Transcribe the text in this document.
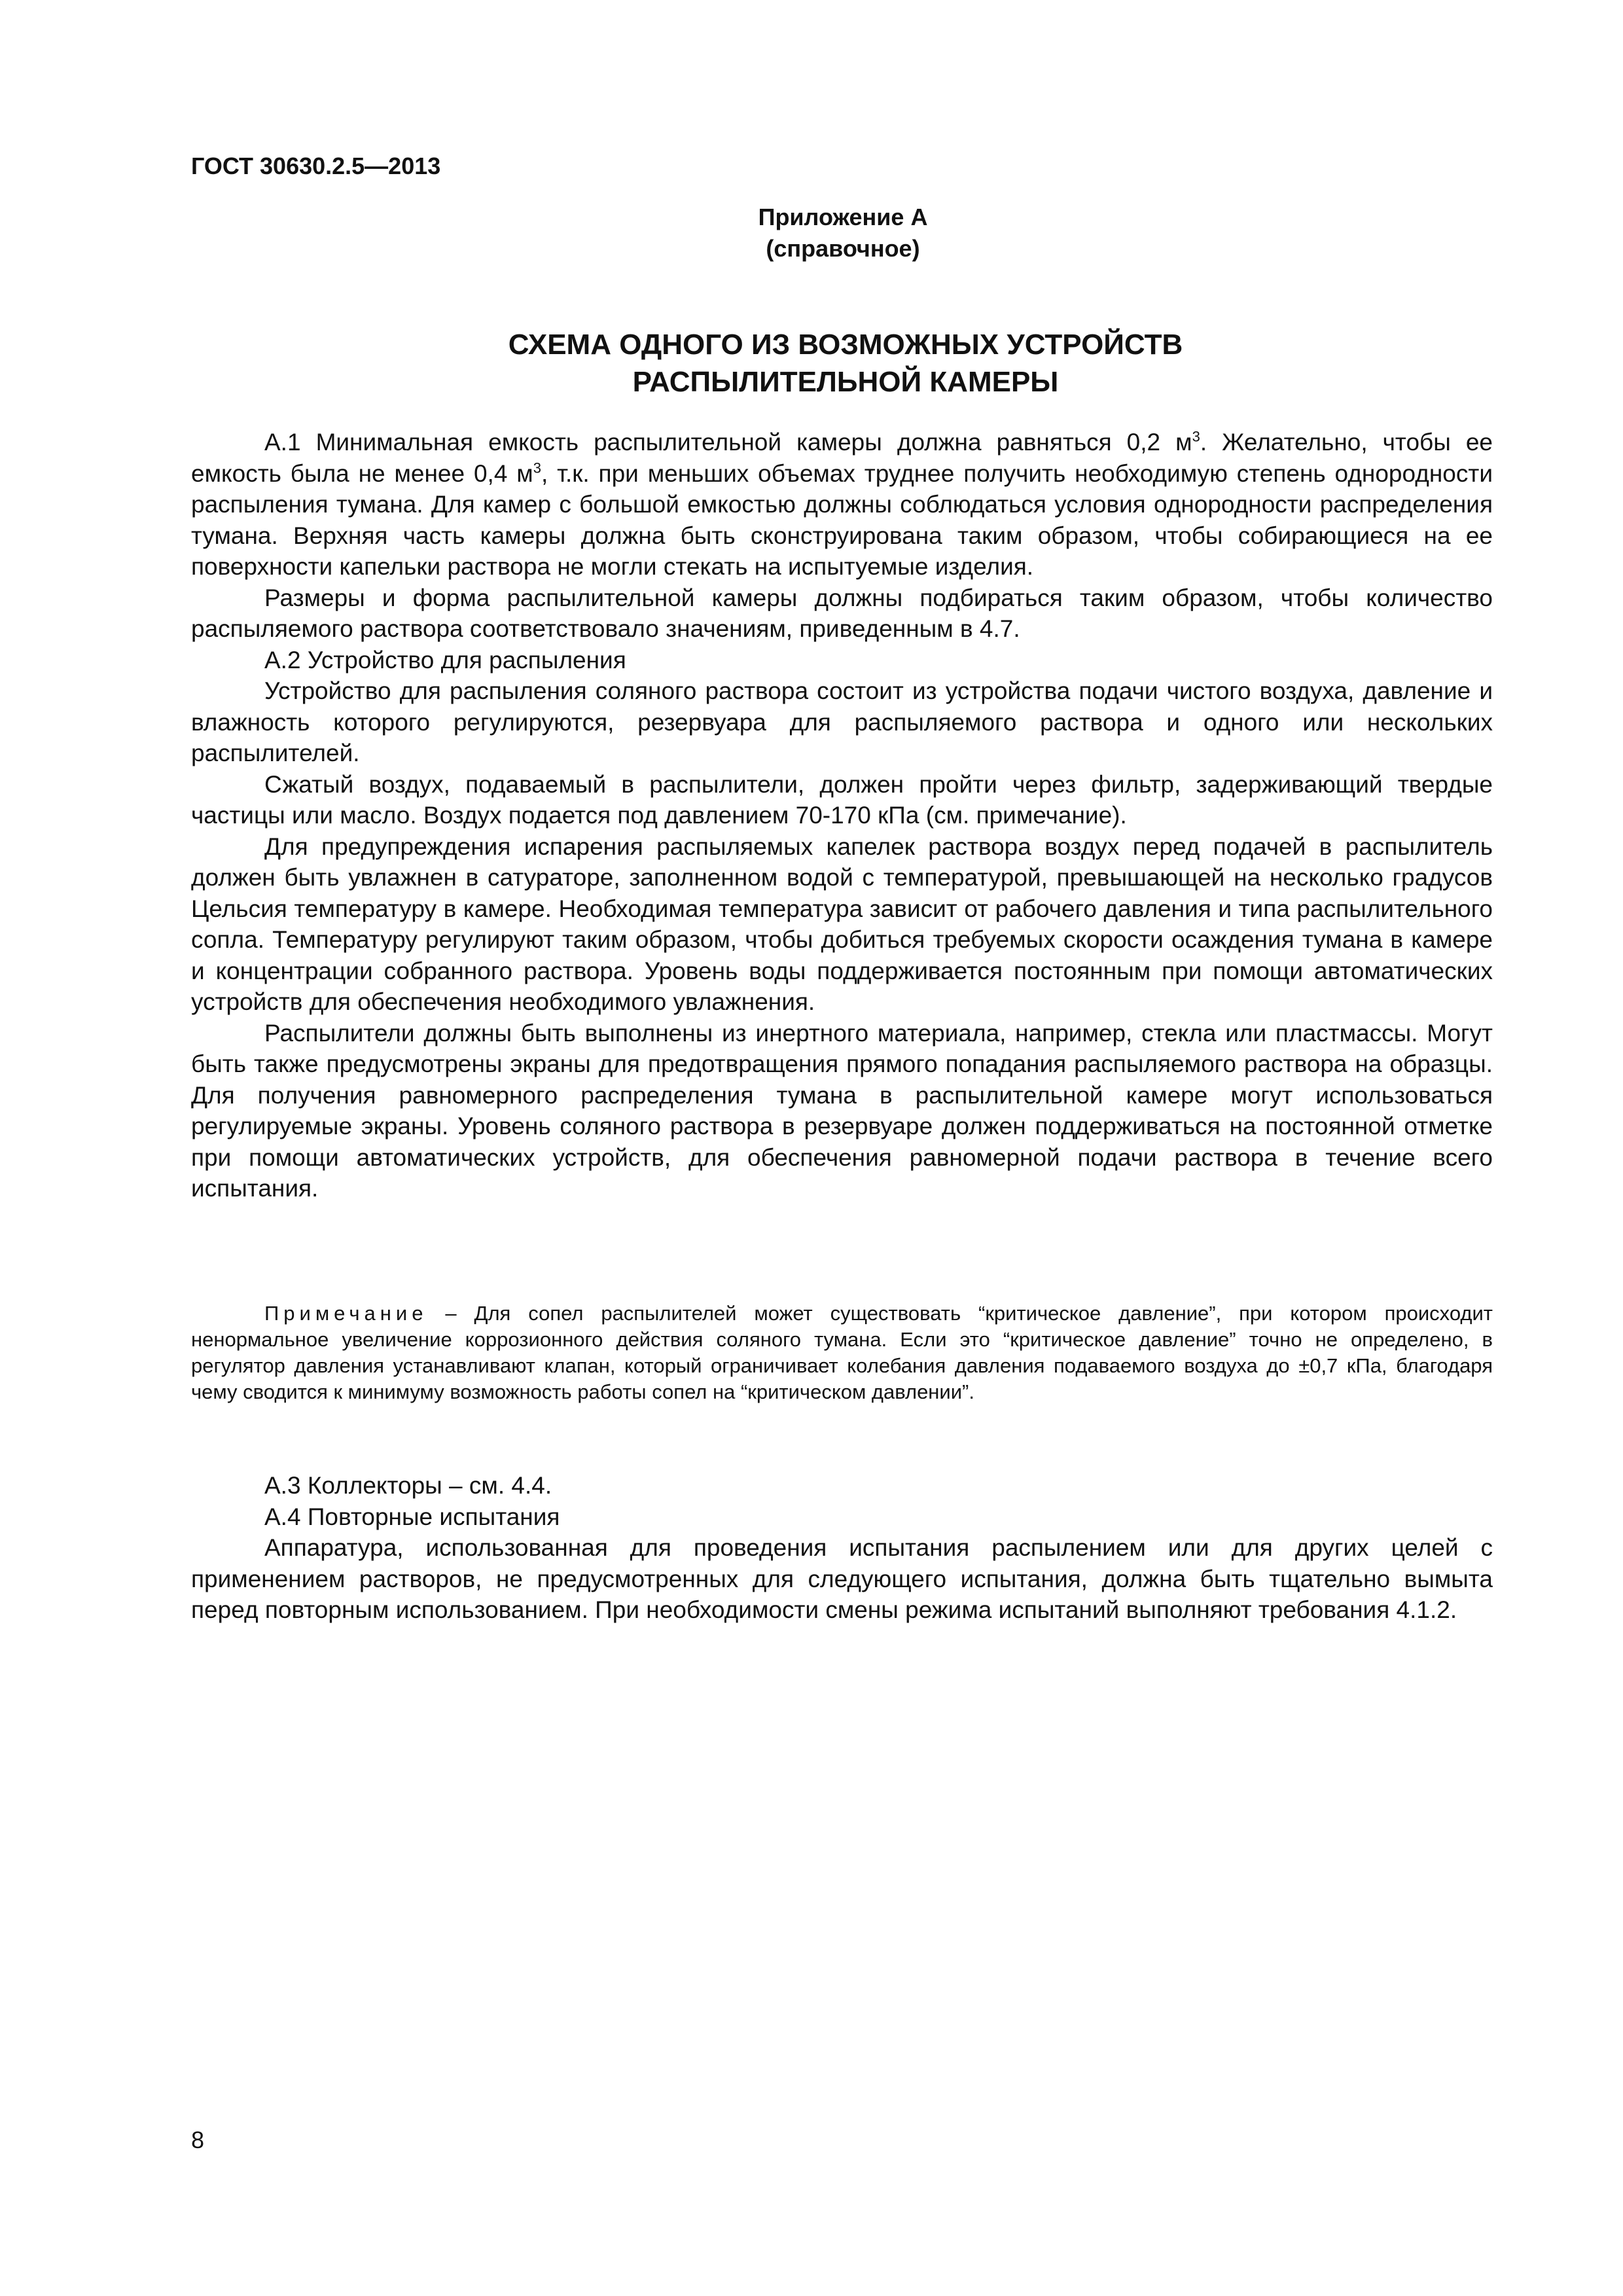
ГОСТ 30630.2.5—2013

Приложение А
(справочное)
СХЕМА ОДНОГО ИЗ ВОЗМОЖНЫХ УСТРОЙСТВ
РАСПЫЛИТЕЛЬНОЙ КАМЕРЫ

А.1 Минимальная емкость распылительной камеры должна равняться 0,2 $м^3$. Желательно, чтобы ее емкость была не менее 0,4 $м^3$, т.к. при меньших объемах труднее получить необходимую степень однородности распыления тумана. Для камер с большой емкостью должны соблюдаться условия однородности распределения тумана. Верхняя часть камеры должна быть сконструирована таким образом, чтобы собирающиеся на ее поверхности капельки раствора не могли стекать на испытуемые изделия.

Размеры и форма распылительной камеры должны подбираться таким образом, чтобы количество распыляемого раствора соответствовало значениям, приведенным в 4.7.

А.2 Устройство для распыления

Устройство для распыления соляного раствора состоит из устройства подачи чистого воздуха, давление и влажность которого регулируются, резервуара для распыляемого раствора и одного или нескольких распылителей.

Сжатый воздух, подаваемый в распылители, должен пройти через фильтр, задерживающий твердые частицы или масло. Воздух подается под давлением 70-170 кПа (см. примечание).

Для предупреждения испарения распыляемых капелек раствора воздух перед подачей в распылитель должен быть увлажнен в сатураторе, заполненном водой с температурой, превышающей на несколько градусов Цельсия температуру в камере. Необходимая температура зависит от рабочего давления и типа распылительного сопла. Температуру регулируют таким образом, чтобы добиться требуемых скорости осаждения тумана в камере и концентрации собранного раствора. Уровень воды поддерживается постоянным при помощи автоматических устройств для обеспечения необходимого увлажнения.

Распылители должны быть выполнены из инертного материала, например, стекла или пластмассы. Могут быть также предусмотрены экраны для предотвращения прямого попадания распыляемого раствора на образцы. Для получения равномерного распределения тумана в распылительной камере могут использоваться регулируемые экраны. Уровень соляного раствора в резервуаре должен поддерживаться на постоянной отметке при помощи автоматических устройств, для обеспечения равномерной подачи раствора в течение всего испытания.

Примечание – Для сопел распылителей может существовать “критическое давление”, при котором происходит ненормальное увеличение коррозионного действия соляного тумана. Если это “критическое давление” точно не определено, в регулятор давления устанавливают клапан, который ограничивает колебания давления подаваемого воздуха до ±0,7 кПа, благодаря чему сводится к минимуму возможность работы сопел на “критическом давлении”.

А.3 Коллекторы – см. 4.4.

А.4 Повторные испытания

Аппаратура, использованная для проведения испытания распылением или для других целей с применением растворов, не предусмотренных для следующего испытания, должна быть тщательно вымыта перед повторным использованием. При необходимости смены режима испытаний выполняют требования 4.1.2.

8
